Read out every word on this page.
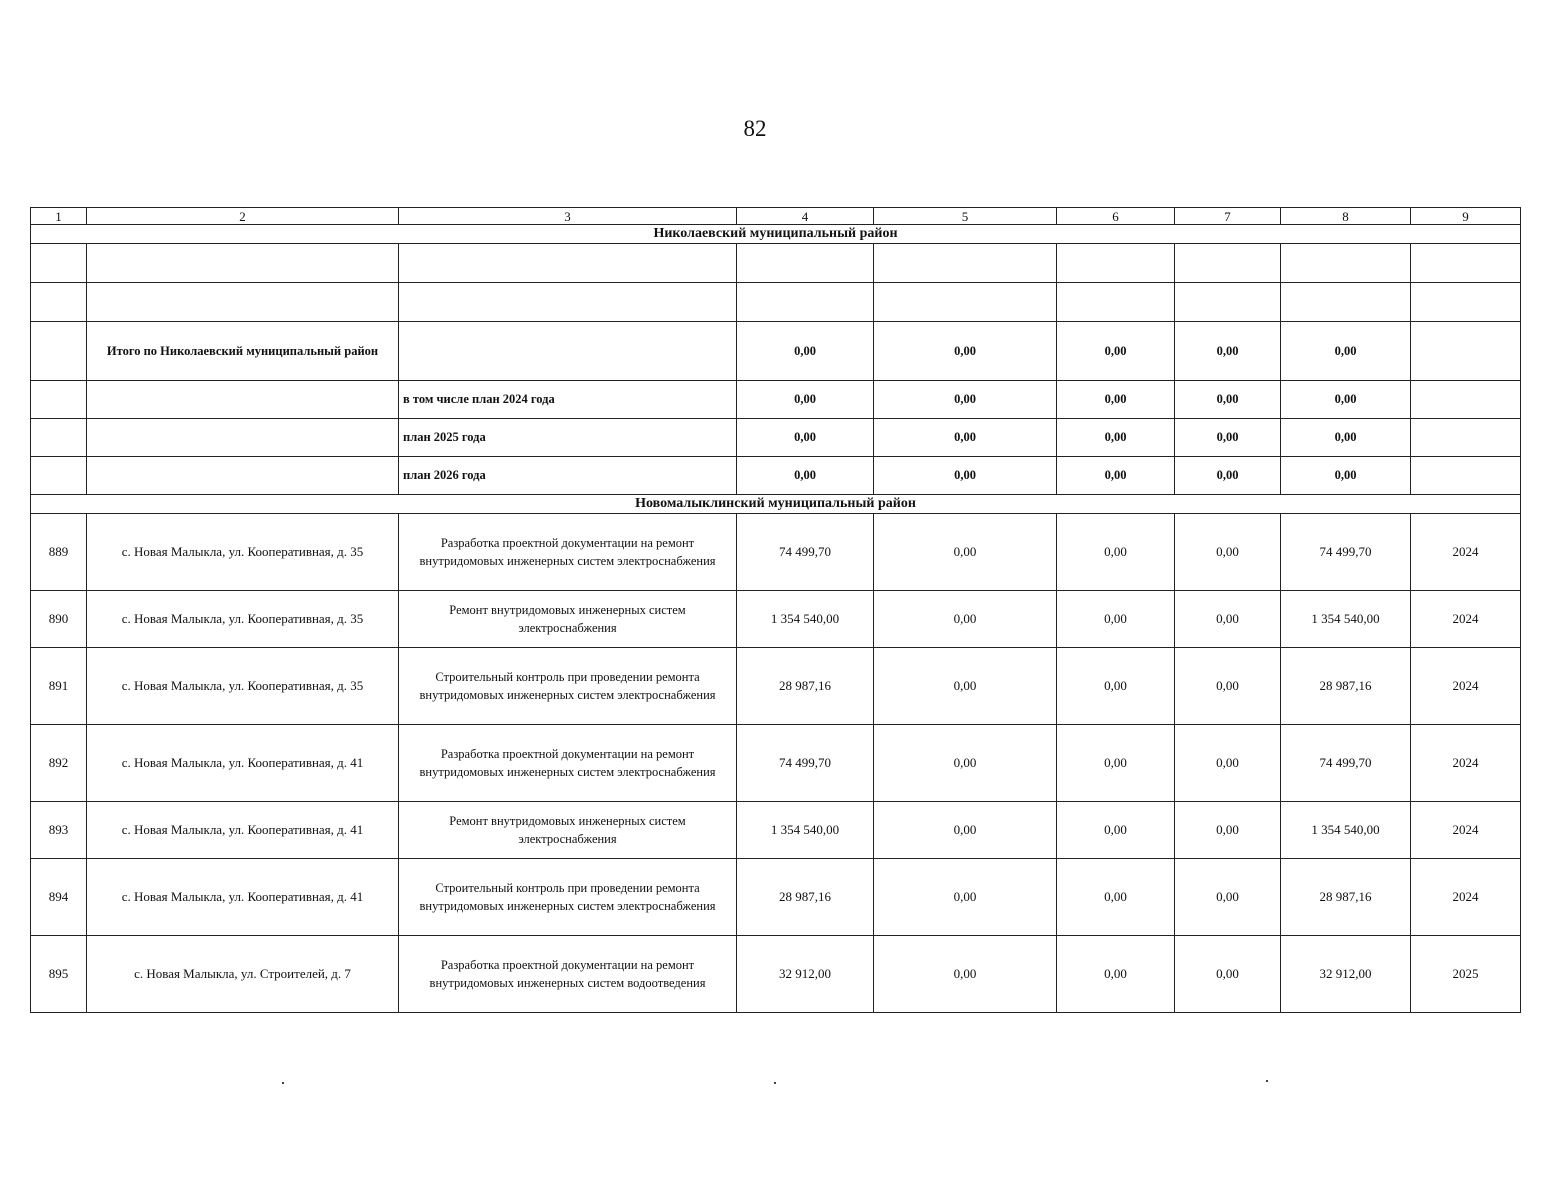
82
1	2	3	4	5	6	7	8	9
Николаевский муниципальный район								

	Итого по Николаевский муниципальный район		0,00	0,00	0,00	0,00	0,00	
		в том числе план 2024 года	0,00	0,00	0,00	0,00	0,00	
		план 2025 года	0,00	0,00	0,00	0,00	0,00	
		план 2026 года	0,00	0,00	0,00	0,00	0,00	
Новомалыклинский муниципальный район								
889	с. Новая Малыкла, ул. Кооперативная, д. 35	Разработка проектной документации на ремонт внутридомовых инженерных систем электроснабжения	74 499,70	0,00	0,00	0,00	74 499,70	2024
890	с. Новая Малыкла, ул. Кооперативная, д. 35	Ремонт внутридомовых инженерных систем электроснабжения	1 354 540,00	0,00	0,00	0,00	1 354 540,00	2024
891	с. Новая Малыкла, ул. Кооперативная, д. 35	Строительный контроль при проведении ремонта внутридомовых инженерных систем электроснабжения	28 987,16	0,00	0,00	0,00	28 987,16	2024
892	с. Новая Малыкла, ул. Кооперативная, д. 41	Разработка проектной документации на ремонт внутридомовых инженерных систем электроснабжения	74 499,70	0,00	0,00	0,00	74 499,70	2024
893	с. Новая Малыкла, ул. Кооперативная, д. 41	Ремонт внутридомовых инженерных систем электроснабжения	1 354 540,00	0,00	0,00	0,00	1 354 540,00	2024
894	с. Новая Малыкла, ул. Кооперативная, д. 41	Строительный контроль при проведении ремонта внутридомовых инженерных систем электроснабжения	28 987,16	0,00	0,00	0,00	28 987,16	2024
895	с. Новая Малыкла, ул. Строителей, д. 7	Разработка проектной документации на ремонт внутридомовых инженерных систем водоотведения	32 912,00	0,00	0,00	0,00	32 912,00	2025
